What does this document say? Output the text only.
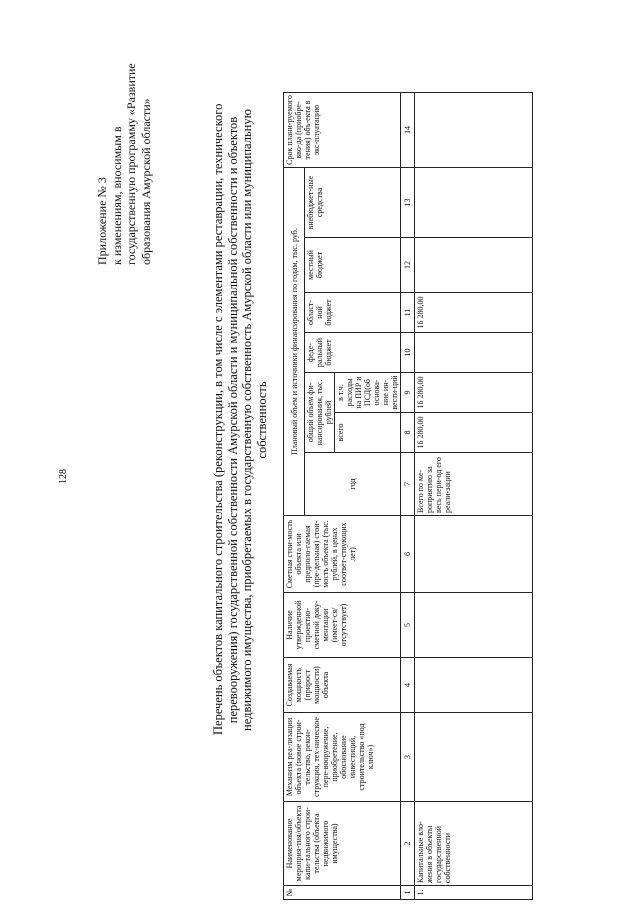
128
Приложение № 3 к изменениям, вносимым в государственную программу «Развитие образования Амурской области»	Перечень объектов капитального строительства (реконструкции, в том числе с элементами реставрации, технического перевооружения) государственной собственности Амурской области и муниципальной собственности и объектов недвижимого имущества, приобретаемых в государственную собственность Амурской области или муниципальную собственность
№	Наименование мероприя-тия/объекта капи-тального строи-тельства (объекта недвижимого имущества)	Механизм реа-лизации объекта (новое строи-тельство, рекон-струкция, тех-ническое пере-вооружение, приобретение, обоснование инвестиций, строительство «под ключ»)	Создаваемая мощность (прирост мощности) объекта	Наличие утвержденной проектно-сметной доку-ментации (имеет-ся/отсутствует)	Сметная стои-мость объекта или предполо-гаемая (пре-дельная) стои-мость объекта (тыс. рублей, в ценах соответ-ствующих лет)	Плановый объем и источники финансирования по годам, тыс. руб.							Срок плани-руемого вво-да (приобре-тения) объ-екта в экс-плуатацию
						год	общий объем фи-нансирования, тыс. рублей		феде-ральный бюджет	област-ной бюджет	местный бюджет	внебюджет-ные средства	
							всего	в т.ч. расходы на ПИР и ПСД(об основа-ние ин-вести-ций					

1	2	3	4	5	6	7	8	9	10	11	12	13	14
1.	Капитальные вло-жения в объекты государственной собственности					Всего по ме-роприятию за весь пери-од его реали-зации	16 280,00	16 280,00		16 280,00			
